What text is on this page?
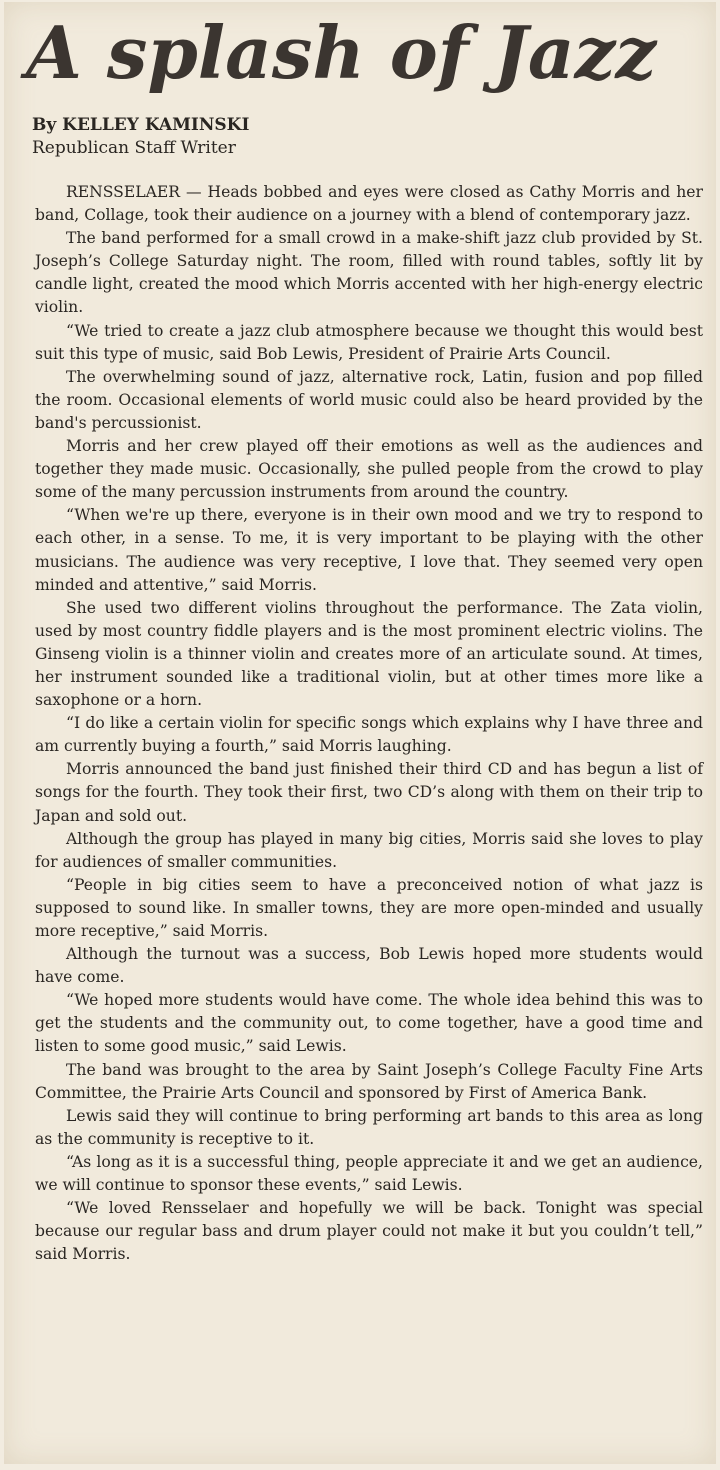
A splash of Jazz
By KELLEY KAMINSKI
Republican Staff Writer

RENSSELAER — Heads bobbed and eyes were closed as Cathy Morris and her band, Collage, took their audience on a journey with a blend of contemporary jazz.

The band performed for a small crowd in a make-shift jazz club provided by St. Joseph’s College Saturday night. The room, filled with round tables, softly lit by candle light, created the mood which Morris accented with her high-energy electric violin.

“We tried to create a jazz club atmosphere because we thought this would best suit this type of music, said Bob Lewis, President of Prairie Arts Council.

The overwhelming sound of jazz, alternative rock, Latin, fusion and pop filled the room. Occasional elements of world music could also be heard provided by the band's percussionist.

Morris and her crew played off their emotions as well as the audiences and together they made music. Occasionally, she pulled people from the crowd to play some of the many percussion instruments from around the country.

“When we're up there, everyone is in their own mood and we try to respond to each other, in a sense. To me, it is very important to be playing with the other musicians. The audience was very receptive, I love that. They seemed very open minded and attentive,” said Morris.

She used two different violins throughout the performance. The Zata violin, used by most country fiddle players and is the most prominent electric violins. The Ginseng violin is a thinner violin and creates more of an articulate sound. At times, her instrument sounded like a traditional violin, but at other times more like a saxophone or a horn.

“I do like a certain violin for specific songs which explains why I have three and am currently buying a fourth,” said Morris laughing.

Morris announced the band just finished their third CD and has begun a list of songs for the fourth. They took their first, two CD’s along with them on their trip to Japan and sold out.

Although the group has played in many big cities, Morris said she loves to play for audiences of smaller communities.

“People in big cities seem to have a preconceived notion of what jazz is supposed to sound like. In smaller towns, they are more open-minded and usually more receptive,” said Morris.

Although the turnout was a success, Bob Lewis hoped more students would have come.

“We hoped more students would have come. The whole idea behind this was to get the students and the community out, to come together, have a good time and listen to some good music,” said Lewis.

The band was brought to the area by Saint Joseph’s College Faculty Fine Arts Committee, the Prairie Arts Council and sponsored by First of America Bank.

Lewis said they will continue to bring performing art bands to this area as long as the community is receptive to it.

“As long as it is a successful thing, people appreciate it and we get an audience, we will continue to sponsor these events,” said Lewis.

“We loved Rensselaer and hopefully we will be back. Tonight was special because our regular bass and drum player could not make it but you couldn’t tell,” said Morris.
